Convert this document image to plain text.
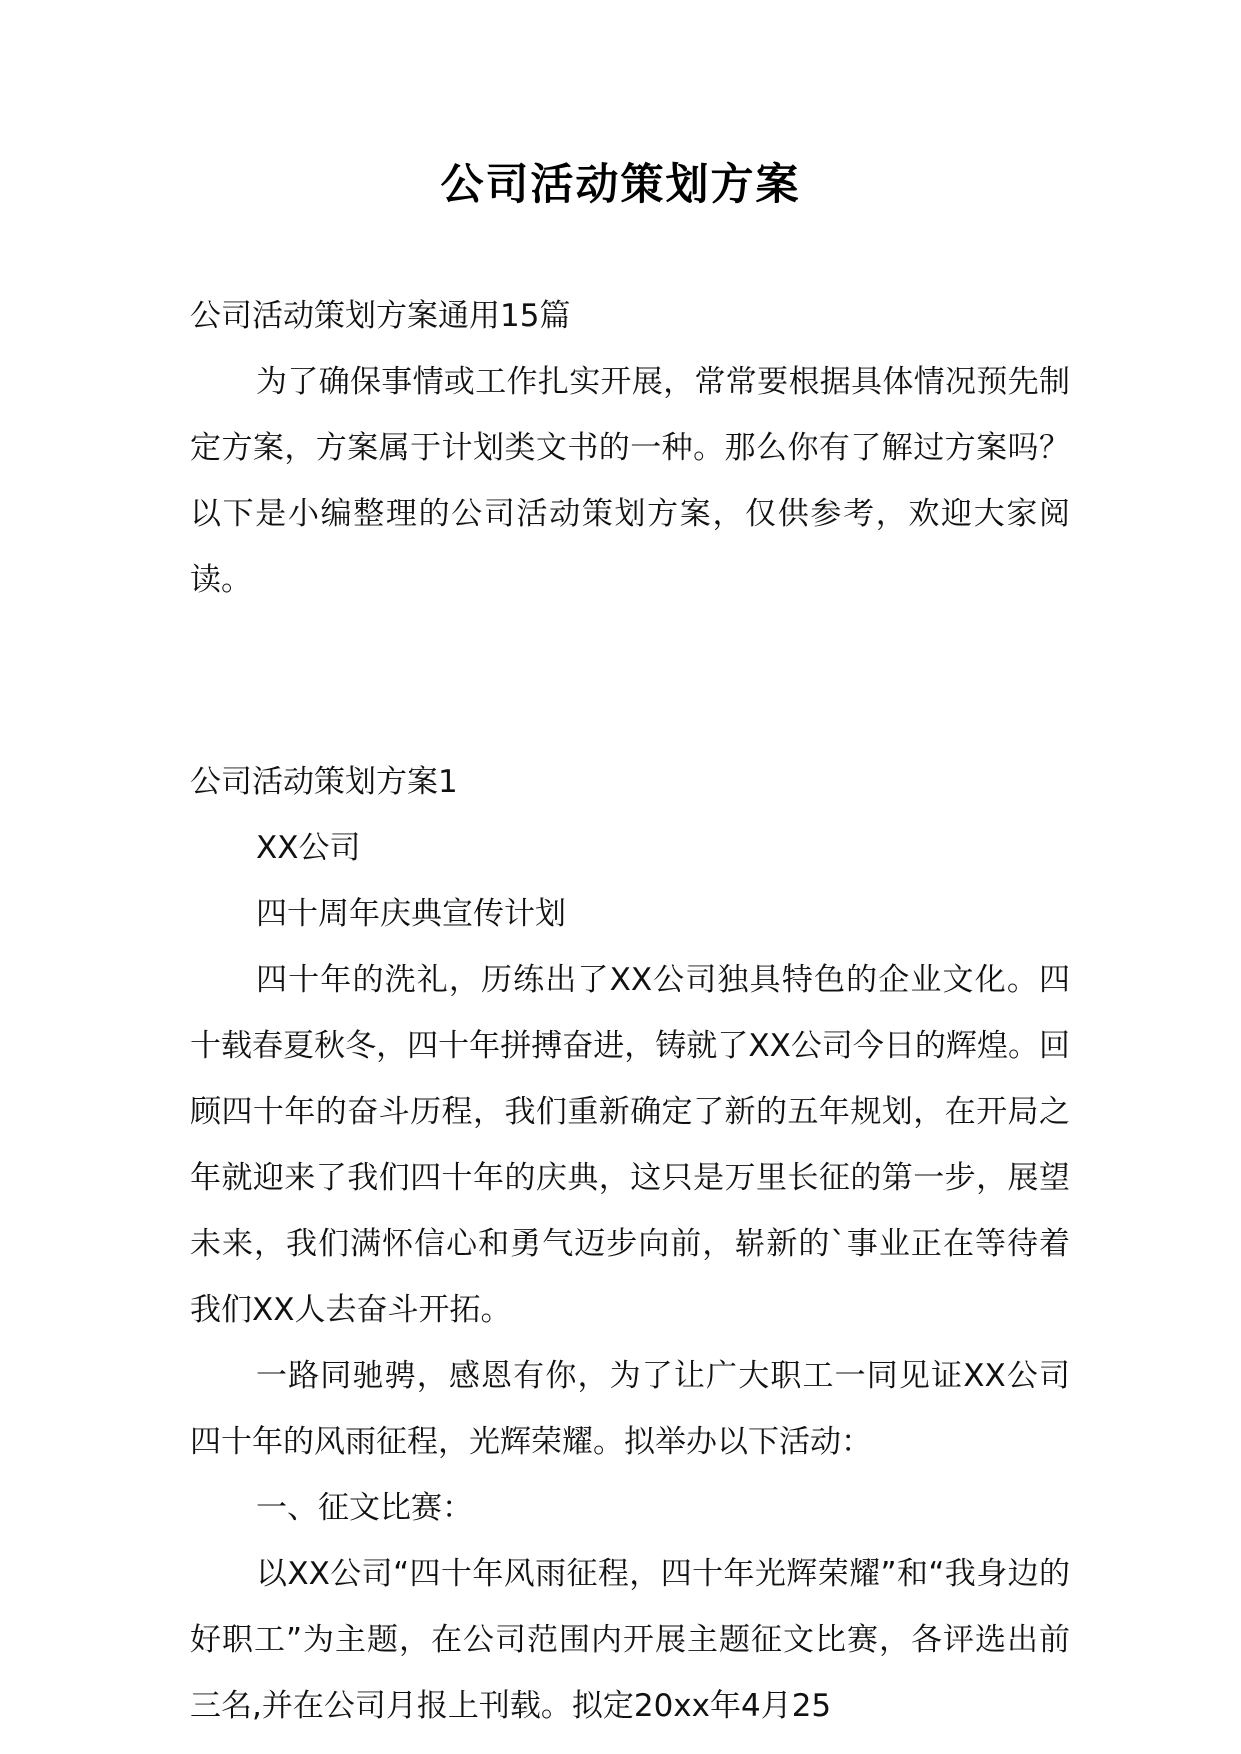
公司活动策划方案

公司活动策划方案通用15篇

为了确保事情或工作扎实开展，常常要根据具体情况预先制定方案，方案属于计划类文书的一种。那么你有了解过方案吗？以下是小编整理的公司活动策划方案，仅供参考，欢迎大家阅读。

公司活动策划方案1

XX公司

四十周年庆典宣传计划

四十年的洗礼，历练出了XX公司独具特色的企业文化。四十载春夏秋冬，四十年拼搏奋进，铸就了XX公司今日的辉煌。回顾四十年的奋斗历程，我们重新确定了新的五年规划，在开局之年就迎来了我们四十年的庆典，这只是万里长征的第一步，展望未来，我们满怀信心和勇气迈步向前，崭新的`事业正在等待着我们XX人去奋斗开拓。

一路同驰骋，感恩有你，为了让广大职工一同见证XX公司四十年的风雨征程，光辉荣耀。拟举办以下活动：

一、征文比赛：

以XX公司“四十年风雨征程，四十年光辉荣耀”和“我身边的好职工”为主题，在公司范围内开展主题征文比赛，各评选出前三名,并在公司月报上刊载。拟定20xx年4月25
